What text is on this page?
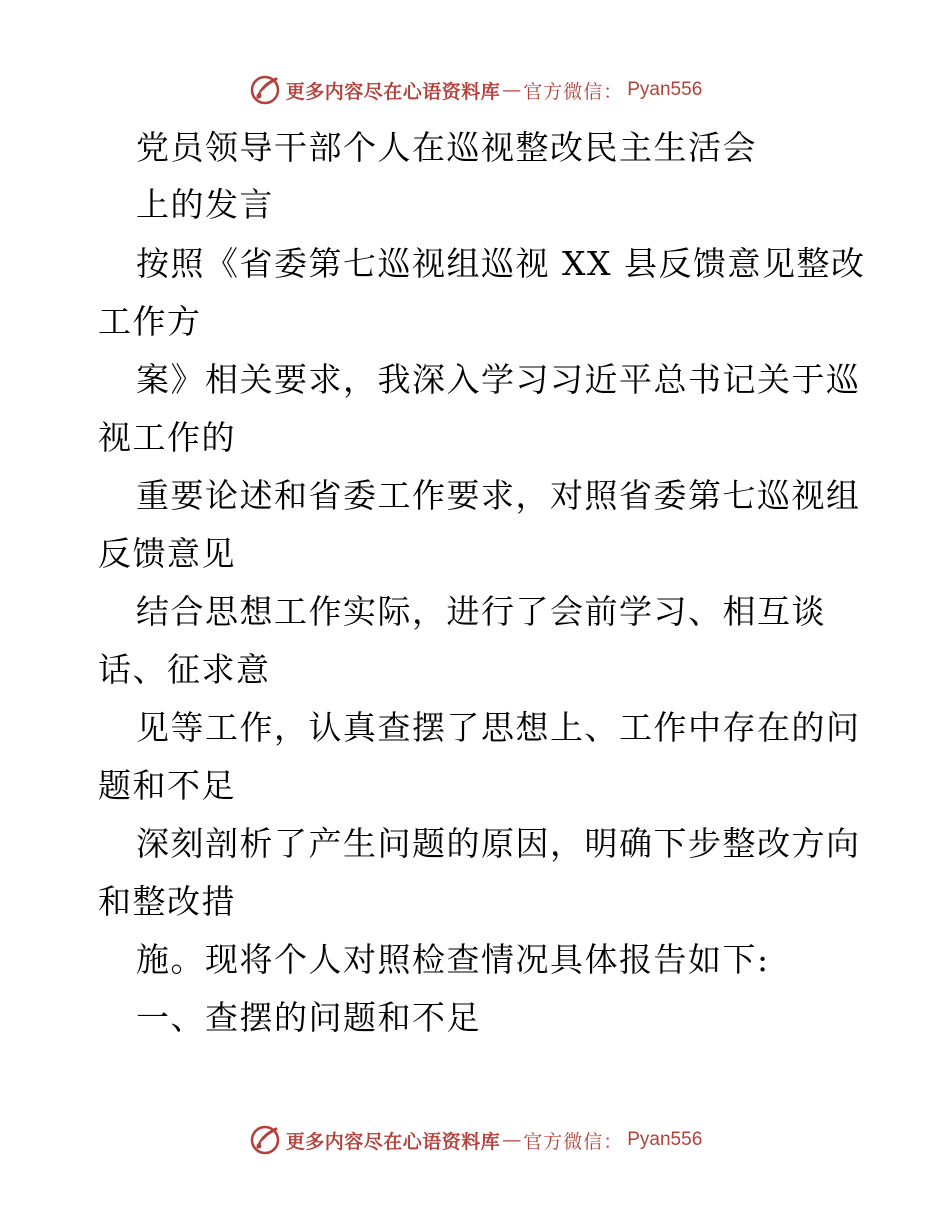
更多内容尽在心语资料库 — 官方微信： Pyan556
党员领导干部个人在巡视整改民主生活会
上的发言
按照《省委第七巡视组巡视 XX 县反馈意见整改
工作方
案》相关要求，我深入学习习近平总书记关于巡
视工作的
重要论述和省委工作要求，对照省委第七巡视组
反馈意见
结合思想工作实际，进行了会前学习、相互谈
话、征求意
见等工作，认真查摆了思想上、工作中存在的问
题和不足
深刻剖析了产生问题的原因，明确下步整改方向
和整改措
施。现将个人对照检查情况具体报告如下:
一、查摆的问题和不足
更多内容尽在心语资料库 — 官方微信： Pyan556
